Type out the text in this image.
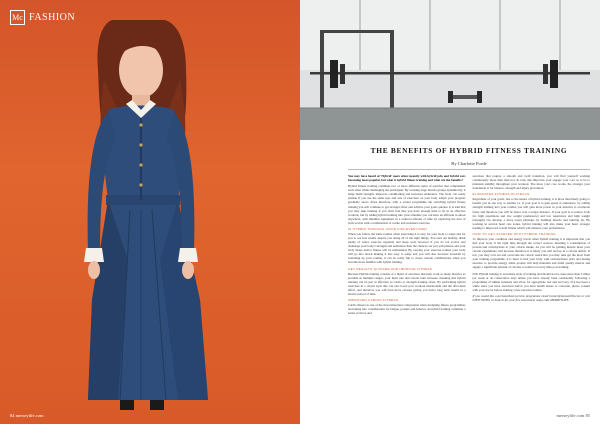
Mc FASHION
84 merseylife.com
THE BENEFITS OF HYBRID FITNESS TRAINING
By Charlotte Forde

You may have heard of 'Hybrid' more often recently with hybrid jobs and hybrid cars becoming more popular, but what is hybrid fitness training and what are the benefits?

Hybrid fitness training combines two or more different styles of exercise that complement each other while challenging the participant. By working large muscle groups dynamically, it helps build strength, improves conditioning and increases endurance. The body can easily plateau if you use the same reps and sets of exercises, as your body adapts your progress gradually slows down therefore, with a varied programme the switching hybrid fitness training you will continue to get stronger, fitter and achieve your goals quicker. It is said that you may skip running if you don't feel like you have enough time to fit in an effective workout, but by adding hybrid training into your schedule you can have an efficient workout anywhere, with minimal equipment in a reduced amount of time by exploring the best of both worlds with a combination of cardio and resistance exercise.

IS HYBRID TRAINING GOOD FOR EVERYONE?

When you follow the same routine when exercising it is easy for your body to adapt and for you to see less results despite you doing all of the right things. You start out healthy, drink plenty of water, exercise regularly and sleep well, however if you do not evolve and challenge your body's strength and endurance then the chances are you will plateau and your body shape and/or fitness will be maintained. By varying your exercise routine your body will go into shock making it less easy to adapt and you will also decrease boredom by switching up your routine, it can be really fun to create custom combinations when you become more familiar with hybrid training.

GET RESULTS QUICKER AND IMPROVE FITNESS

Because Hybrid training consists of a blend of exercises that help work as many muscles as possible in multiple ranges, your heart rate and calorie burn increase, meaning that hybrid training can be just as effective as cardio or strength training alone. By performing hybrid exercises in a circuit style this can also boost post workout metabolism and the after-burn effect, and therefore you will burn more calories giving you better long term results in a shorter period of time.

IMPROVED CARDIO FITNESS

Cardio fitness is one of the most important components when designing fitness programmes and taking into consideration for fatigue, posture and balance. As hybrid training combines a series of move and

exercises that require a smooth and swift transition, you will find yourself working continuously more than than not. In turn, this improves your engage your core as to be to maintain stability throughout your workout. The more your core works, the stronger your foundation is for balance, strength and injury prevention.

ELIMINATES FITNESS PLATEAUS

Regardless of your goals, due to the nature of hybrid training, it is more than likely going to benefit you in one way or another i.e. if your goal is to gain speed or endurance, by adding strength training into your routine you will gain more power in your muscles to accelerate faster and therefore you will be faster over a longer distance. If your goal is to reduce body fat, high repetitions and low weight (endurance) and low repetitions and high weight (strength) can develop a more toned physique by building muscle and burning fat. By working in several heart rate zones, hybrid training will also make your heart stronger leading to improved overall fitness which will enhance your performance.

HOW TO GET STARTED WITH HYBRID TRAINING

To improve your condition and energy levels when hybrid training it is important that you fuel your body at the right time through the correct sources, meaning a consumption of protein and carbohydrate to your calorie intake. As you will be gaining muscle mass your calorie expenditure will increase therefore it is likely you will end up in a calorie deficit. If not, you may over eat and overcome the caloric restriction you may take get the most from your training programme, it is ideal to fuel your body with carbohydrates prior and during exercise to provide energy while protein will help maintain and build quality muscle and supply a significant amount of calories to reduce recovery time post training.

N.B. Hybrid training is an intense style of training and should not be done more than 3 times per week or on consecutive days unless you have already been consistently following a programme of similar intensity and allow for appropriate rest and recovery. If it has been a while since you have exercised and/or you have health issues or concerns, please consult with your doctor before starting a new exercise routine.

If you would like a personalised exercise programme email trainer@menaorbfit.com or text 07833 667851 to book in for your free assessment using code MERSEYLIFE.

merseylife.com 85
